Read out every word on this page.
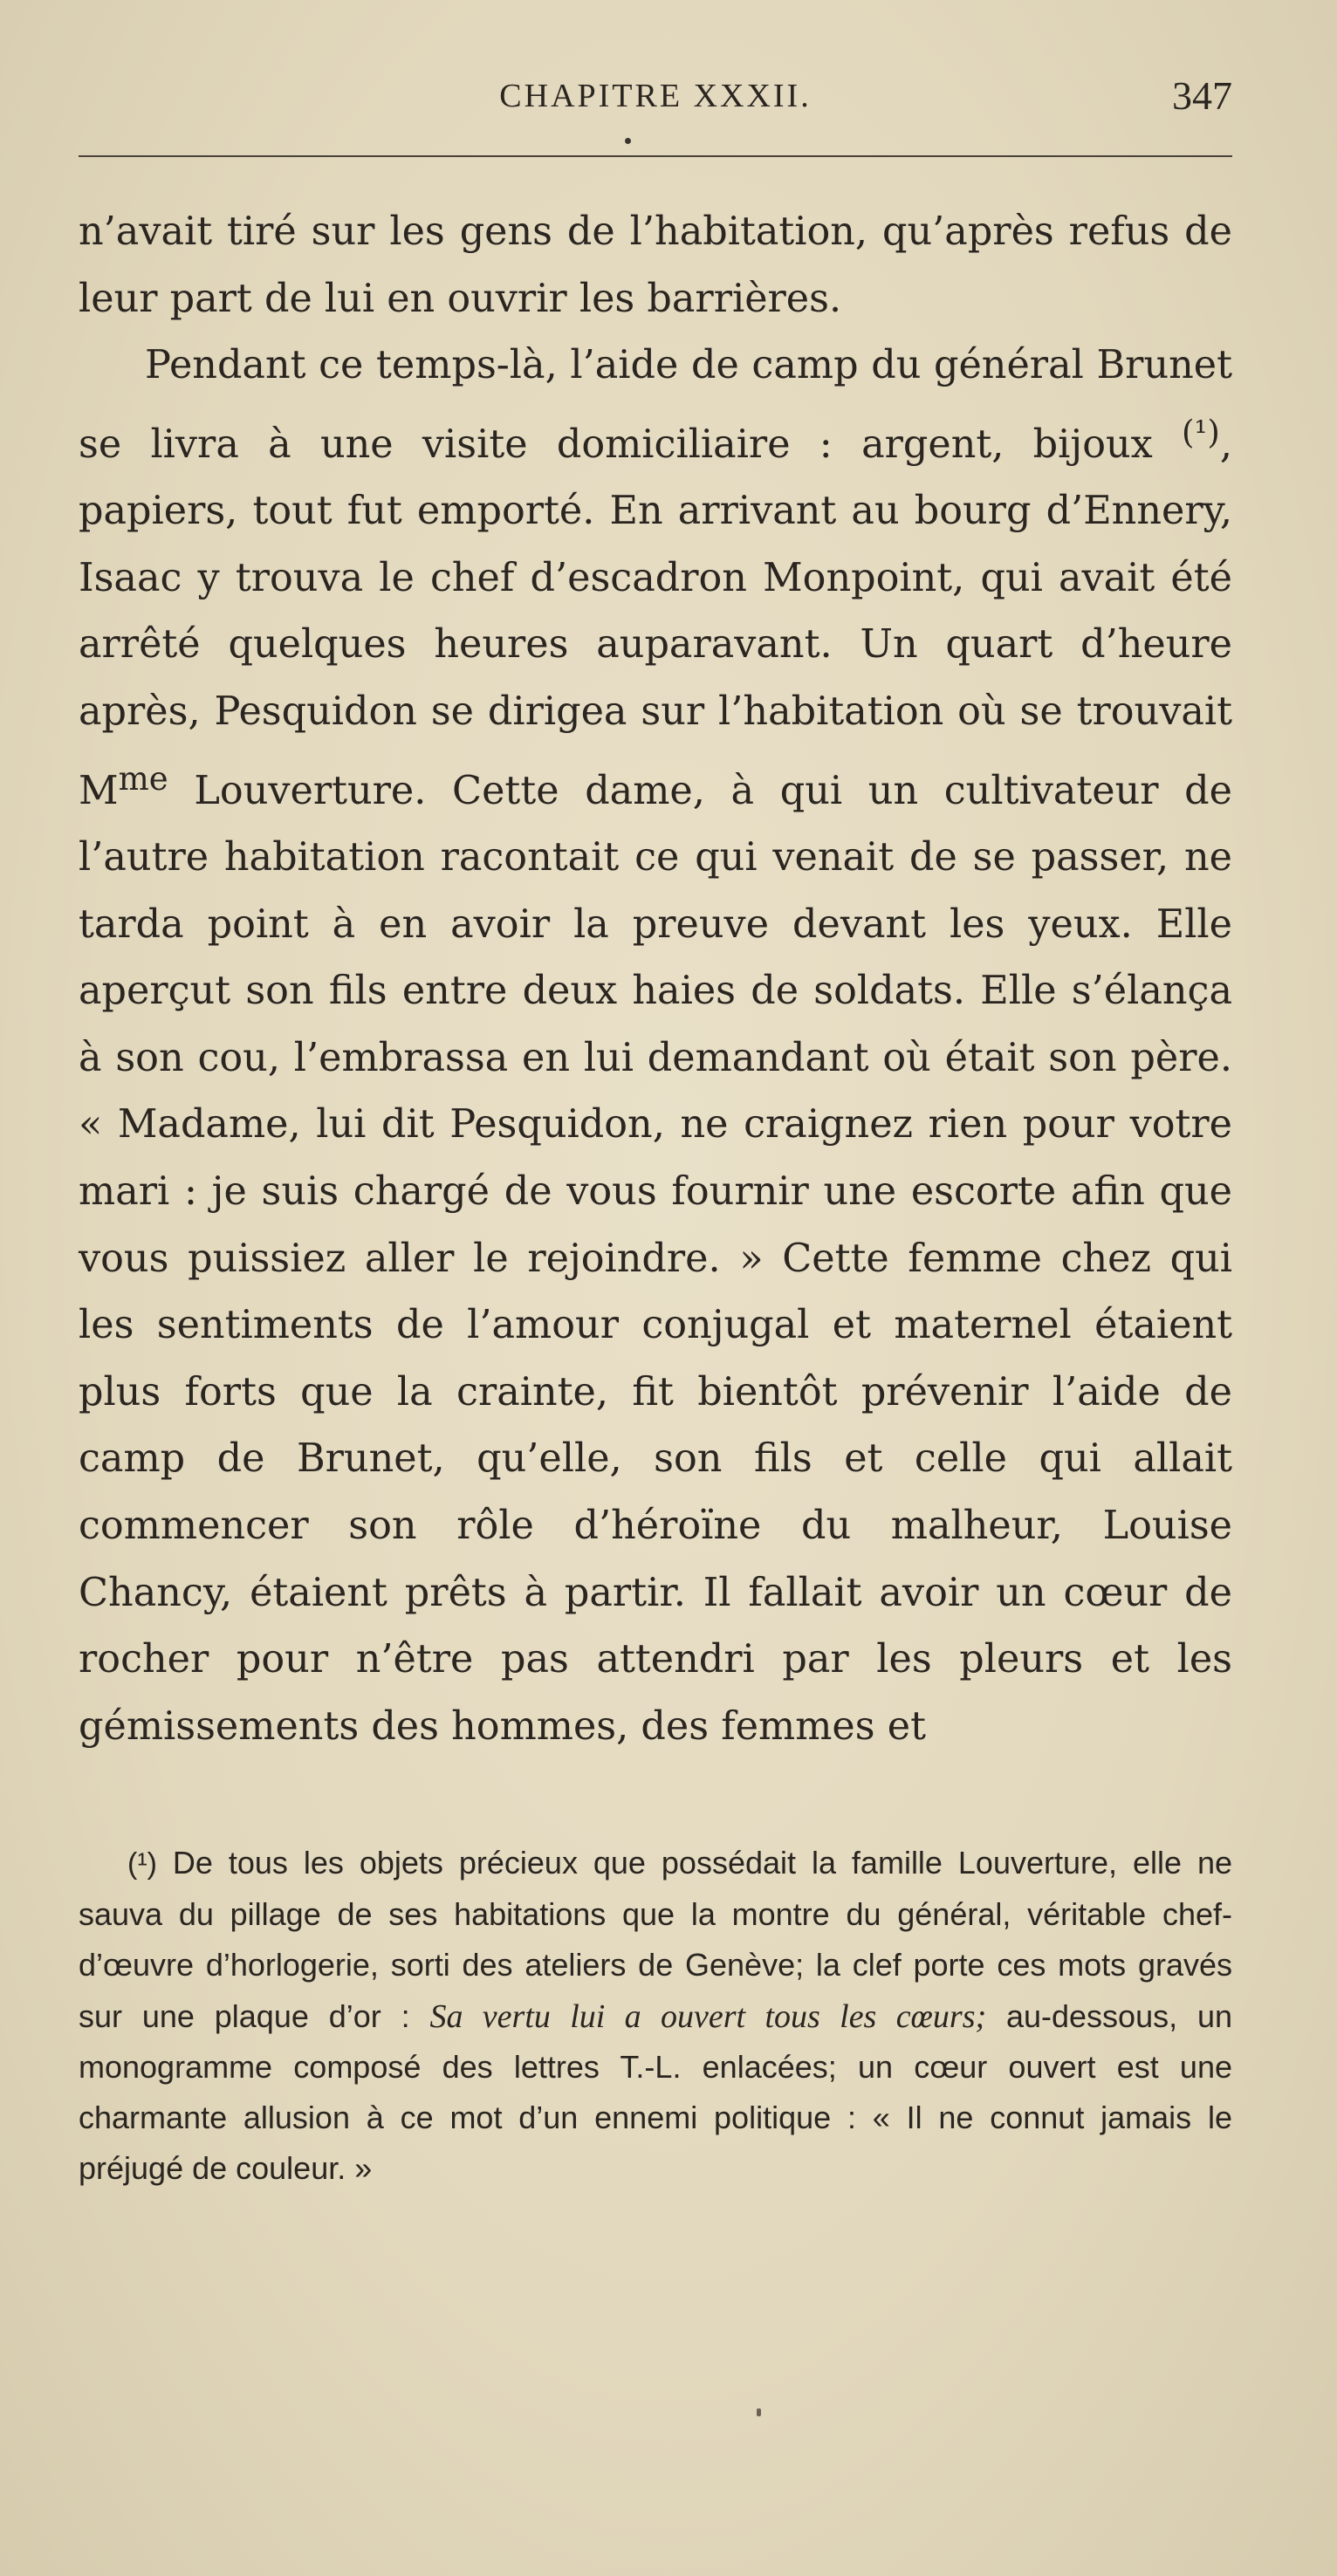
CHAPITRE XXXII.	347

n’avait tiré sur les gens de l’habitation, qu’après refus de leur part de lui en ouvrir les barrières.

Pendant ce temps-là, l’aide de camp du général Brunet se livra à une visite domiciliaire : argent, bijoux $^{(^1)}$, papiers, tout fut emporté. En arrivant au bourg d’Ennery, Isaac y trouva le chef d’escadron Monpoint, qui avait été arrêté quelques heures auparavant. Un quart d’heure après, Pesquidon se dirigea sur l’habitation où se trouvait $M^{me}$ Louverture. Cette dame, à qui un cultivateur de l’autre habitation racontait ce qui venait de se passer, ne tarda point à en avoir la preuve devant les yeux. Elle aperçut son fils entre deux haies de soldats. Elle s’élança à son cou, l’embrassa en lui demandant où était son père. « Madame, lui dit Pesquidon, ne craignez rien pour votre mari : je suis chargé de vous fournir une escorte afin que vous puissiez aller le rejoindre. » Cette femme chez qui les sentiments de l’amour conjugal et maternel étaient plus forts que la crainte, fit bientôt prévenir l’aide de camp de Brunet, qu’elle, son fils et celle qui allait commencer son rôle d’héroïne du malheur, Louise Chancy, étaient prêts à partir. Il fallait avoir un cœur de rocher pour n’être pas attendri par les pleurs et les gémissements des hommes, des femmes et

(¹) De tous les objets précieux que possédait la famille Louverture, elle ne sauva du pillage de ses habitations que la montre du général, véritable chef-d’œuvre d’horlogerie, sorti des ateliers de Genève; la clef porte ces mots gravés sur une plaque d’or : Sa vertu lui a ouvert tous les cœurs; au-dessous, un monogramme composé des lettres T.-L. enlacées; un cœur ouvert est une charmante allusion à ce mot d’un ennemi politique : « Il ne connut jamais le préjugé de couleur. »
